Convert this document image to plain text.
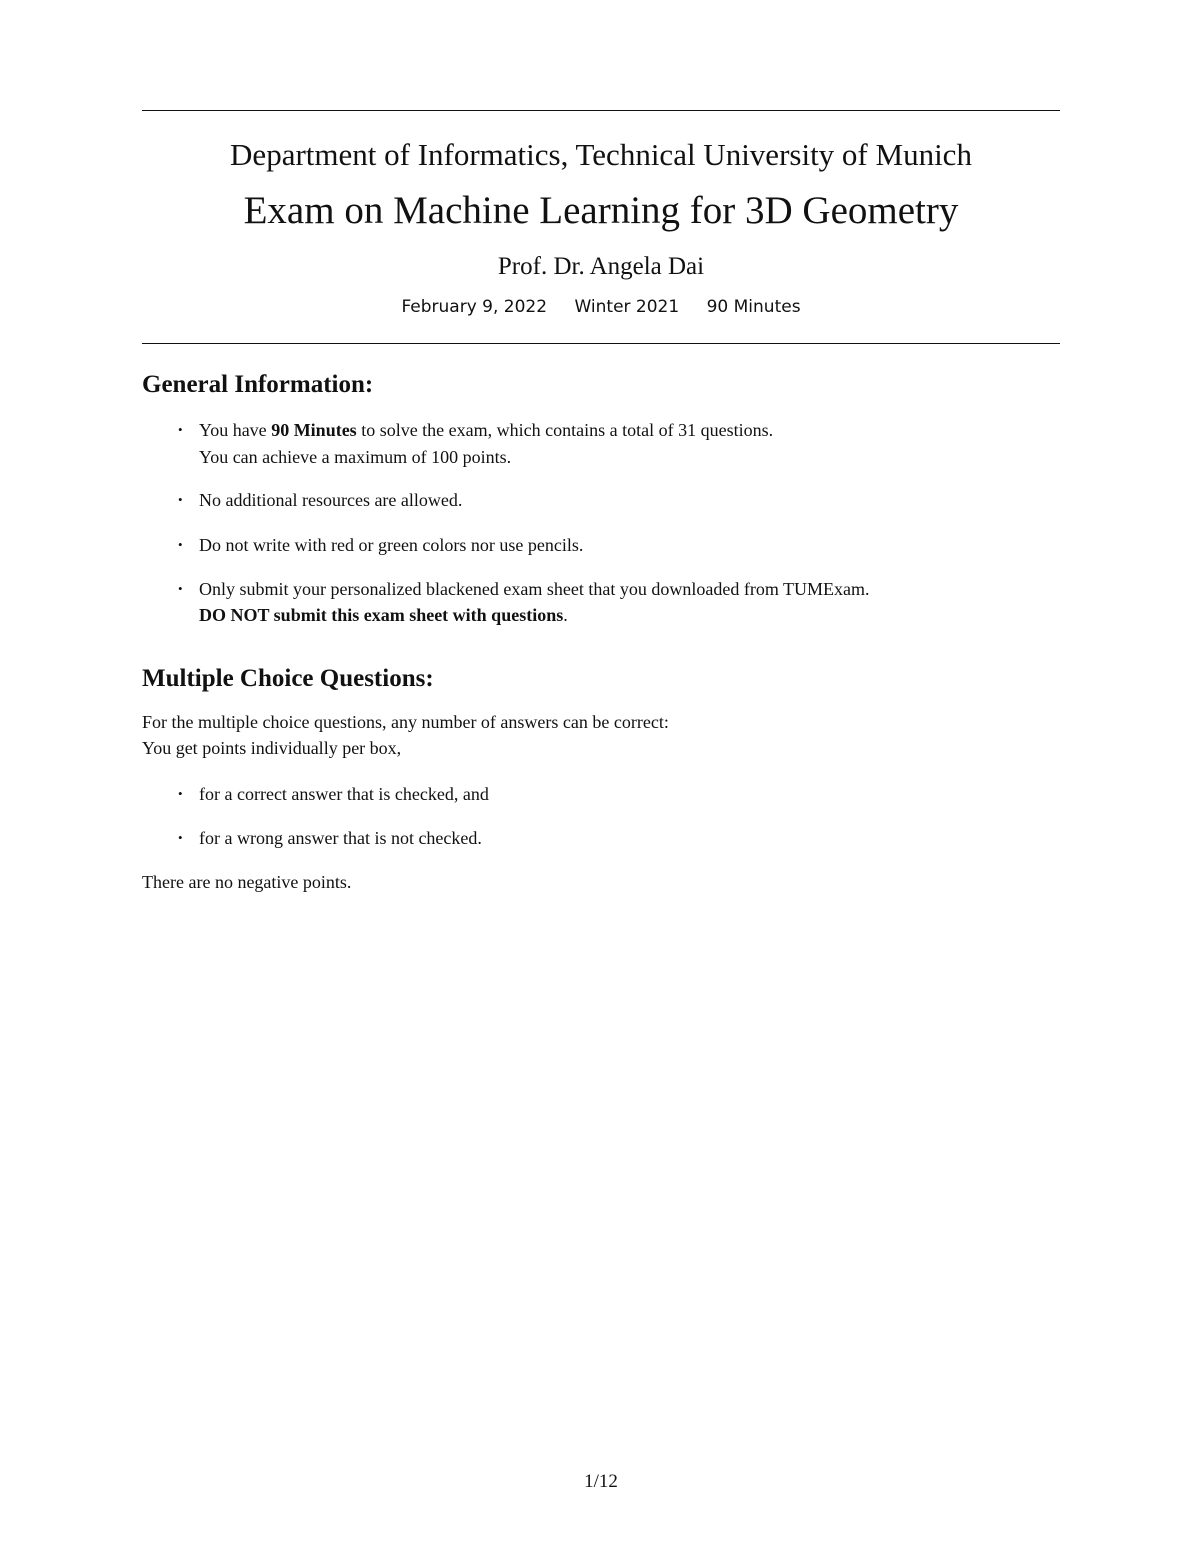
Department of Informatics, Technical University of Munich
Exam on Machine Learning for 3D Geometry
Prof. Dr. Angela Dai
February 9, 2022 Winter 2021 90 Minutes
General Information:
• You have 90 Minutes to solve the exam, which contains a total of 31 questions.
You can achieve a maximum of 100 points.
• No additional resources are allowed.
• Do not write with red or green colors nor use pencils.
• Only submit your personalized blackened exam sheet that you downloaded from TUMExam.
DO NOT submit this exam sheet with questions.
Multiple Choice Questions:
For the multiple choice questions, any number of answers can be correct:
You get points individually per box,
• for a correct answer that is checked, and
• for a wrong answer that is not checked.
There are no negative points.
1/12
